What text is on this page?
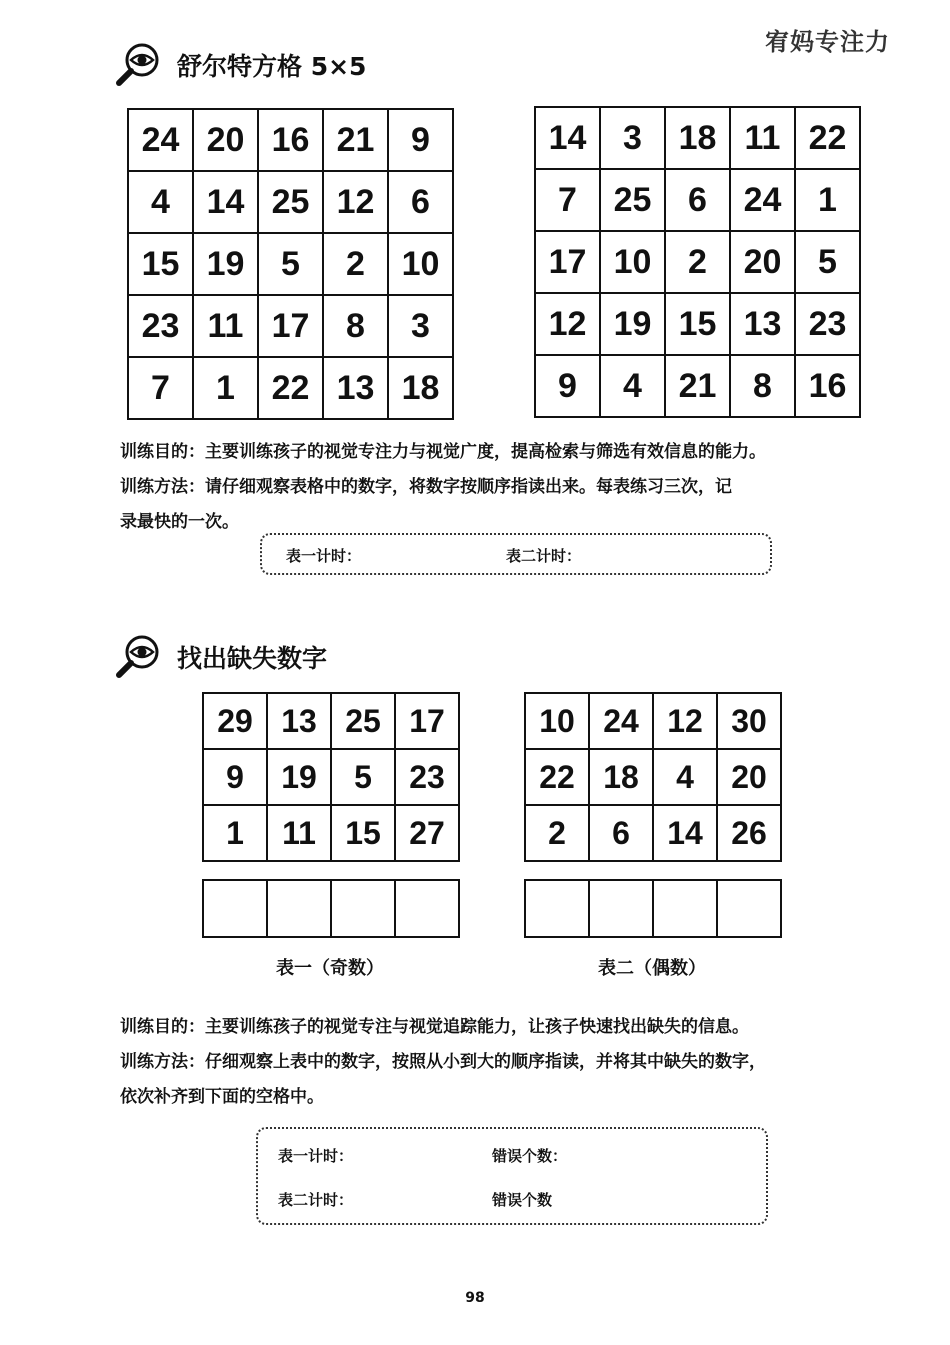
宥妈专注力
舒尔特方格 5×5
24	20	16	21	9
4	14	25	12	6
15	19	5	2	10
23	11	17	8	3
7	1	22	13	18
14	3	18	11	22
7	25	6	24	1
17	10	2	20	5
12	19	15	13	23
9	4	21	8	16

训练目的：主要训练孩子的视觉专注力与视觉广度，提高检索与筛选有效信息的能力。

训练方法：请仔细观察表格中的数字，将数字按顺序指读出来。每表练习三次，记

录最快的一次。

表一计时：	表二计时：
找出缺失数字
29	13	25	17
9	19	5	23
1	11	15	27
10	24	12	30
22	18	4	20
2	6	14	26

表一（奇数）	表二（偶数）

训练目的：主要训练孩子的视觉专注与视觉追踪能力，让孩子快速找出缺失的信息。

训练方法：仔细观察上表中的数字，按照从小到大的顺序指读，并将其中缺失的数字，

依次补齐到下面的空格中。

表一计时：	错误个数：
表二计时：	错误个数
98
